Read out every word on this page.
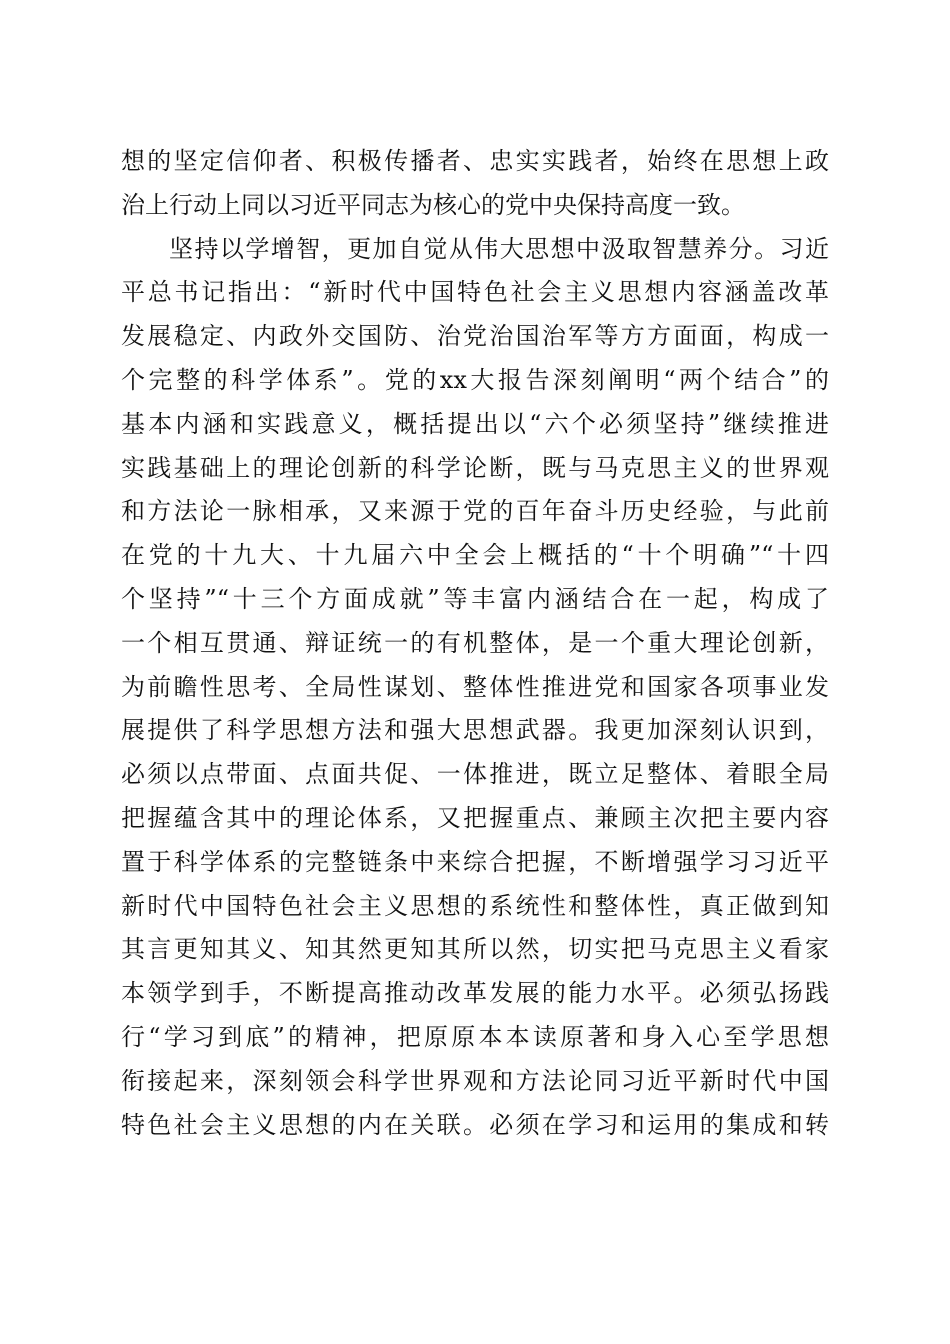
想的坚定信仰者、积极传播者、忠实实践者，始终在思想上政
治上行动上同以习近平同志为核心的党中央保持高度一致。
坚持以学增智，更加自觉从伟大思想中汲取智慧养分。习近
平总书记指出：“新时代中国特色社会主义思想内容涵盖改革
发展稳定、内政外交国防、治党治国治军等方方面面，构成一
个完整的科学体系”。党的xx大报告深刻阐明“两个结合”的
基本内涵和实践意义，概括提出以“六个必须坚持”继续推进
实践基础上的理论创新的科学论断，既与马克思主义的世界观
和方法论一脉相承，又来源于党的百年奋斗历史经验，与此前
在党的十九大、十九届六中全会上概括的“十个明确”“十四
个坚持”“十三个方面成就”等丰富内涵结合在一起，构成了
一个相互贯通、辩证统一的有机整体，是一个重大理论创新，
为前瞻性思考、全局性谋划、整体性推进党和国家各项事业发
展提供了科学思想方法和强大思想武器。我更加深刻认识到，
必须以点带面、点面共促、一体推进，既立足整体、着眼全局
把握蕴含其中的理论体系，又把握重点、兼顾主次把主要内容
置于科学体系的完整链条中来综合把握，不断增强学习习近平
新时代中国特色社会主义思想的系统性和整体性，真正做到知
其言更知其义、知其然更知其所以然，切实把马克思主义看家
本领学到手，不断提高推动改革发展的能力水平。必须弘扬践
行“学习到底”的精神，把原原本本读原著和身入心至学思想
衔接起来，深刻领会科学世界观和方法论同习近平新时代中国
特色社会主义思想的内在关联。必须在学习和运用的集成和转
